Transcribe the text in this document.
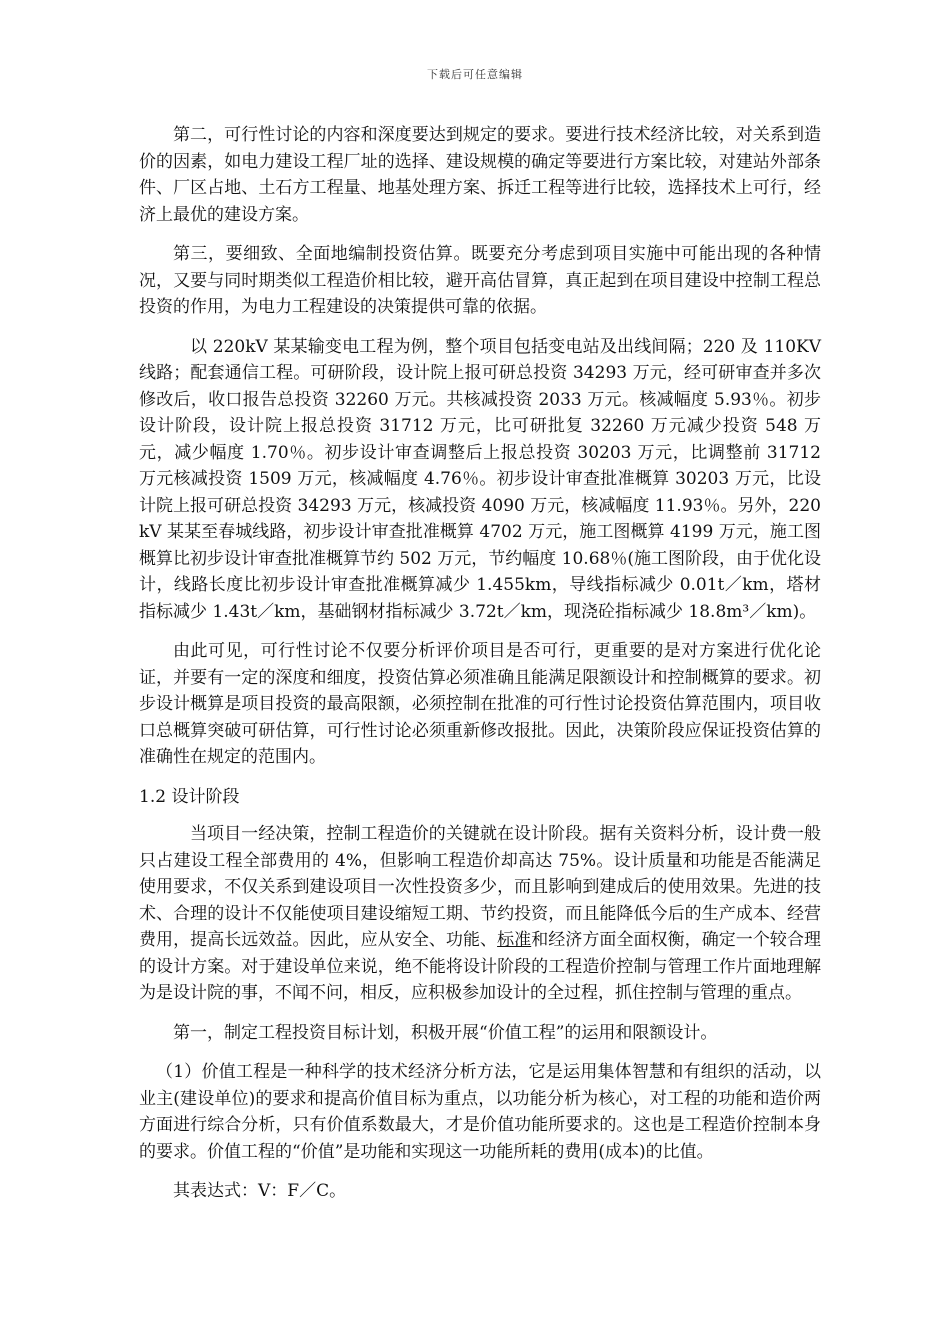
下载后可任意编辑

第二，可行性讨论的内容和深度要达到规定的要求。要进行技术经济比较，对关系到造价的因素，如电力建设工程厂址的选择、建设规模的确定等要进行方案比较，对建站外部条件、厂区占地、土石方工程量、地基处理方案、拆迁工程等进行比较，选择技术上可行，经济上最优的建设方案。

第三，要细致、全面地编制投资估算。既要充分考虑到项目实施中可能出现的各种情况，又要与同时期类似工程造价相比较，避开高估冒算，真正起到在项目建设中控制工程总投资的作用，为电力工程建设的决策提供可靠的依据。

以 220kV 某某输变电工程为例，整个项目包括变电站及出线间隔；220 及 110KV 线路；配套通信工程。可研阶段，设计院上报可研总投资 34293 万元，经可研审查并多次修改后，收口报告总投资 32260 万元。共核减投资 2033 万元。核减幅度 5.93％。初步设计阶段，设计院上报总投资 31712 万元，比可研批复 32260 万元减少投资 548 万元，减少幅度 1.70％。初步设计审查调整后上报总投资 30203 万元，比调整前 31712 万元核减投资 1509 万元，核减幅度 4.76％。初步设计审查批准概算 30203 万元，比设计院上报可研总投资 34293 万元，核减投资 4090 万元，核减幅度 11.93％。另外，220kV 某某至春城线路，初步设计审查批准概算 4702 万元，施工图概算 4199 万元，施工图概算比初步设计审查批准概算节约 502 万元，节约幅度 10.68％(施工图阶段，由于优化设计，线路长度比初步设计审查批准概算减少 1.455km，导线指标减少 0.01t／km，塔材指标减少 1.43t／km，基础钢材指标减少 3.72t／km，现浇砼指标减少 18.8m³／km)。

由此可见，可行性讨论不仅要分析评价项目是否可行，更重要的是对方案进行优化论证，并要有一定的深度和细度，投资估算必须准确且能满足限额设计和控制概算的要求。初步设计概算是项目投资的最高限额，必须控制在批准的可行性讨论投资估算范围内，项目收口总概算突破可研估算，可行性讨论必须重新修改报批。因此，决策阶段应保证投资估算的准确性在规定的范围内。

1.2 设计阶段

当项目一经决策，控制工程造价的关键就在设计阶段。据有关资料分析，设计费一般只占建设工程全部费用的 4%，但影响工程造价却高达 75%。设计质量和功能是否能满足使用要求，不仅关系到建设项目一次性投资多少，而且影响到建成后的使用效果。先进的技术、合理的设计不仅能使项目建设缩短工期、节约投资，而且能降低今后的生产成本、经营费用，提高长远效益。因此，应从安全、功能、标准和经济方面全面权衡，确定一个较合理的设计方案。对于建设单位来说，绝不能将设计阶段的工程造价控制与管理工作片面地理解为是设计院的事，不闻不问，相反，应积极参加设计的全过程，抓住控制与管理的重点。

第一，制定工程投资目标计划，积极开展“价值工程”的运用和限额设计。

（1）价值工程是一种科学的技术经济分析方法，它是运用集体智慧和有组织的活动，以业主(建设单位)的要求和提高价值目标为重点，以功能分析为核心，对工程的功能和造价两方面进行综合分析，只有价值系数最大，才是价值功能所要求的。这也是工程造价控制本身的要求。价值工程的“价值”是功能和实现这一功能所耗的费用(成本)的比值。

其表达式：V：F／C。
